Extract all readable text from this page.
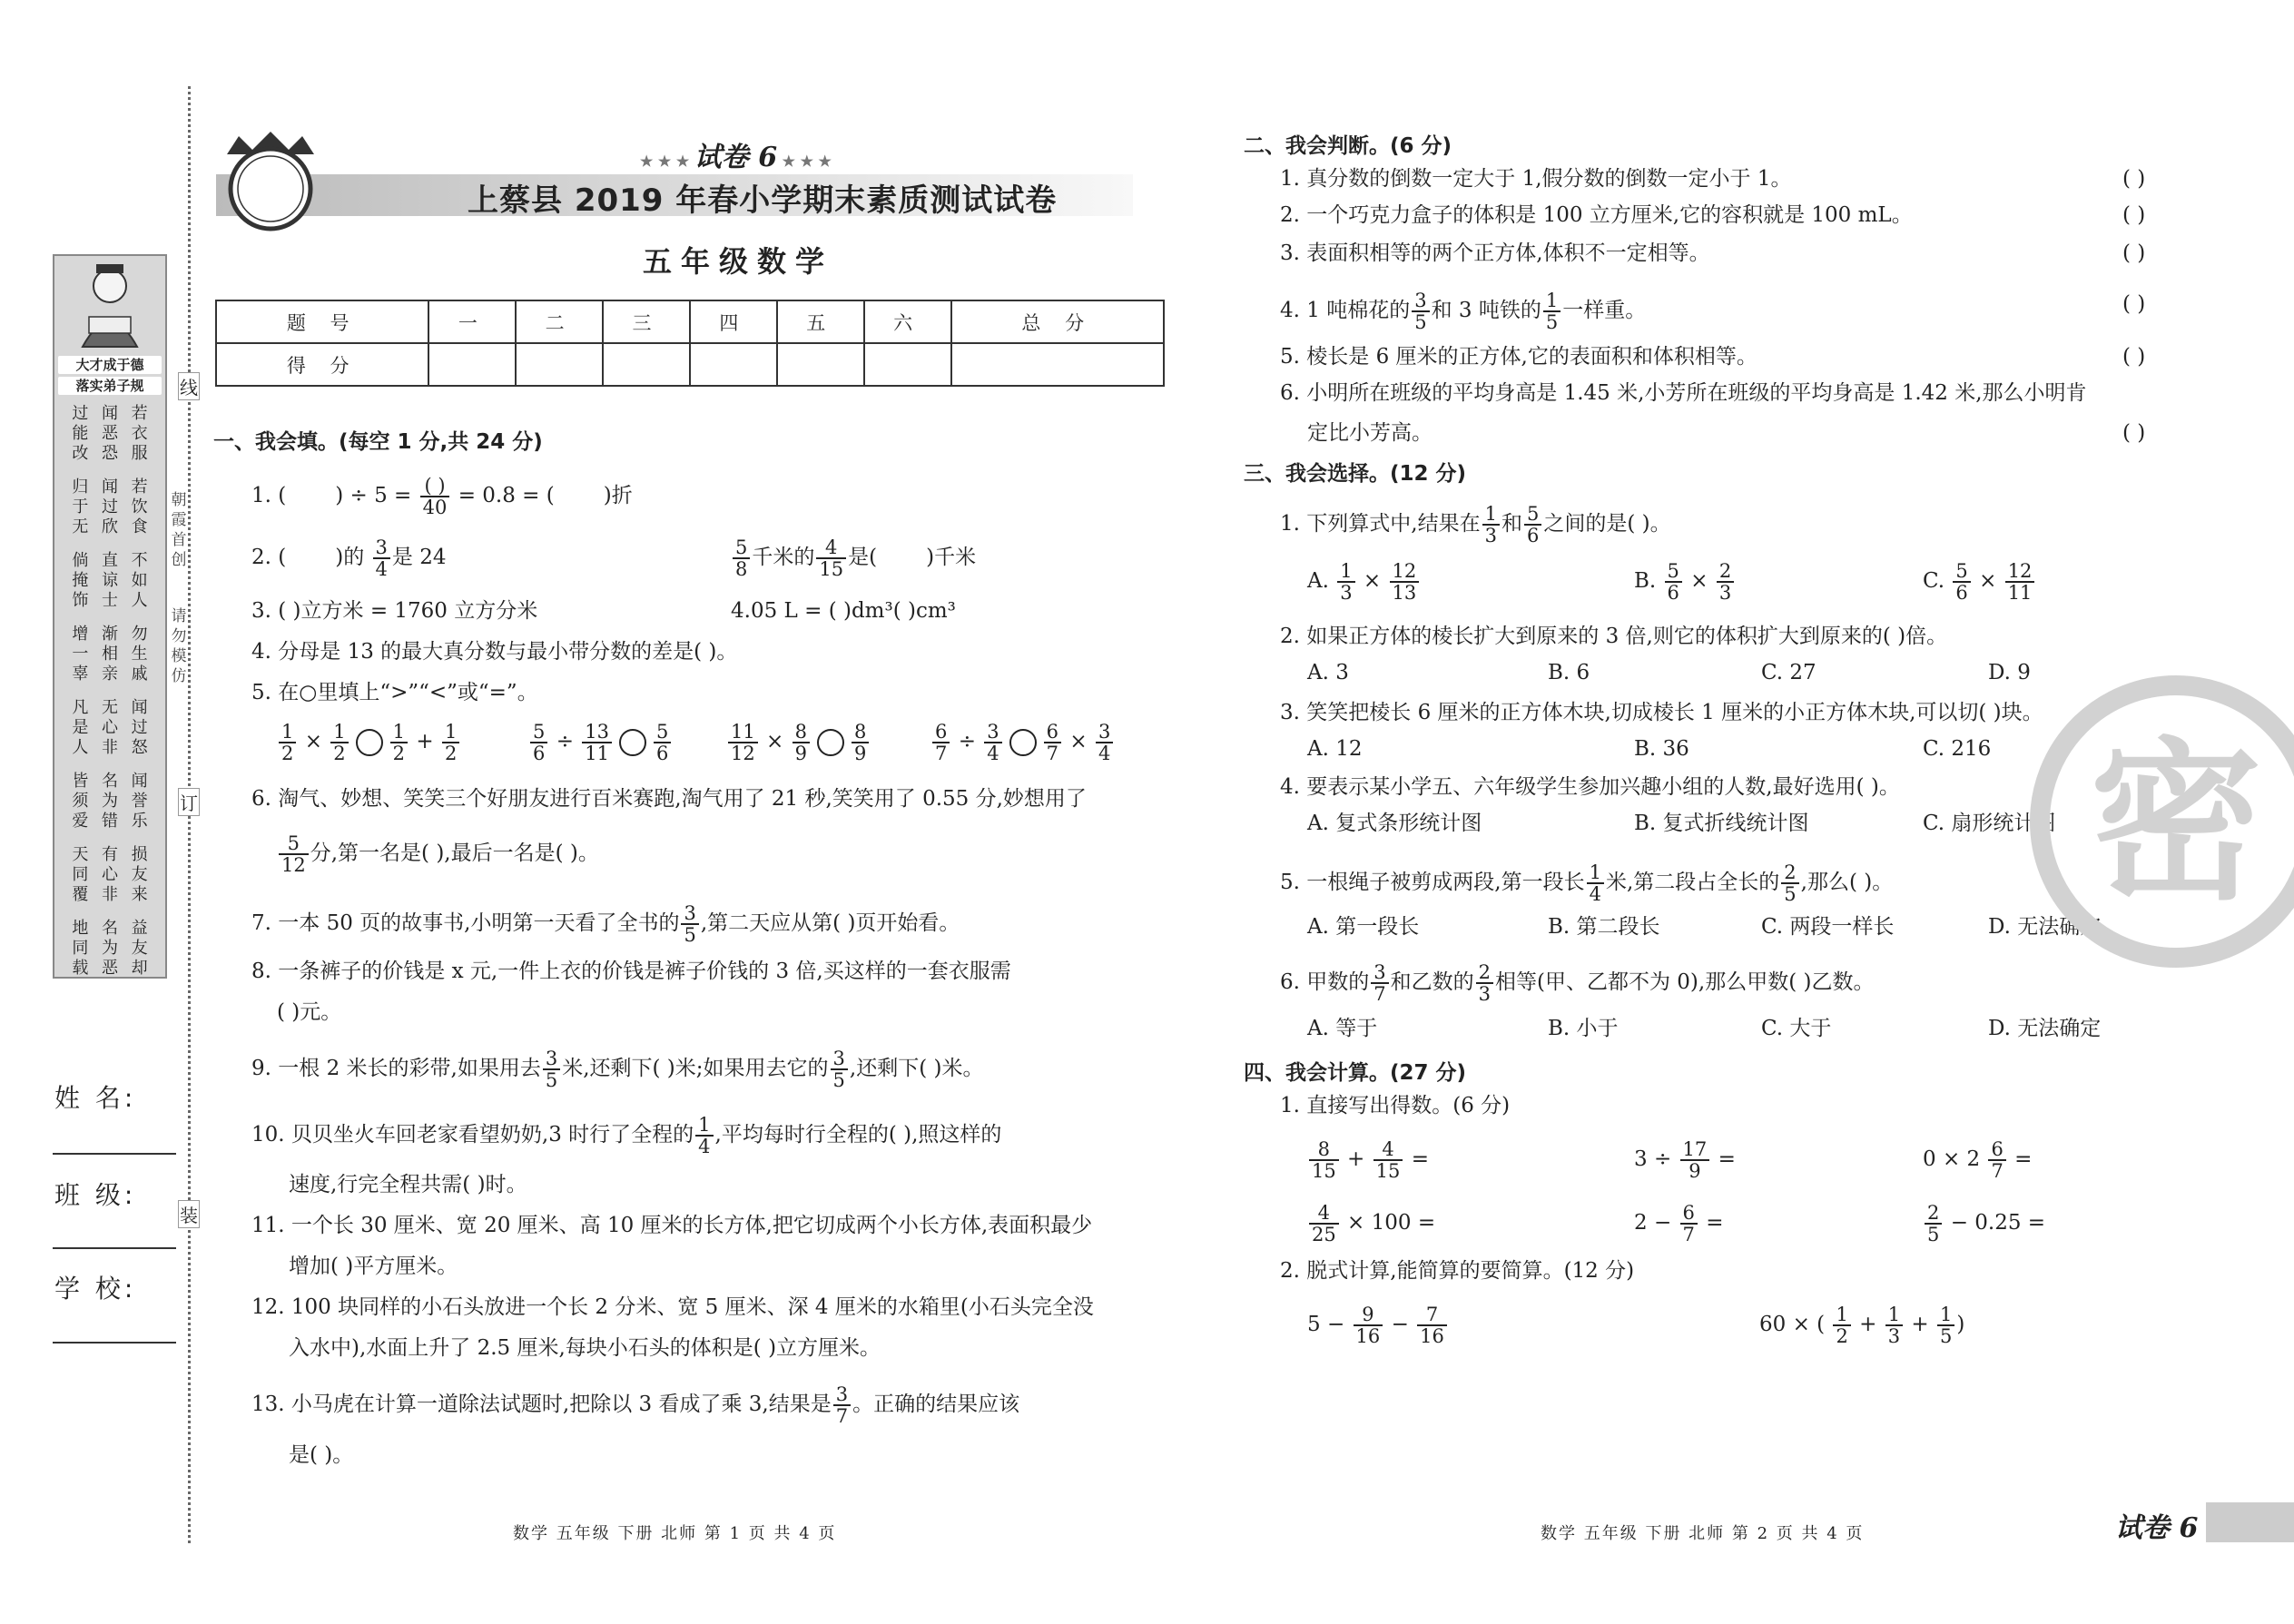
线
订
装
朝霞首创
请勿模仿
大才成于德
落实弟子规
过能改
闻恶恐
若衣服
归于无
闻过欣
若饮食
倘掩饰
直谅士
不如人
增一辜
渐相亲
勿生戚
凡是人
无心非
闻过怒
皆须爱
名为错
闻誉乐
天同覆
有心非
损友来
地同载
名为恶
益友却
姓 名:
班 级:
学 校:
★ ★ ★ 试卷 6 ★ ★ ★
上蔡县 2019 年春小学期末素质测试试卷
五年级数学
题 号	一	二	三	四	五	六	总 分
得 分							
一、我会填。(每空 1 分,共 24 分)
1. ( ) ÷ $5 = \frac{( )}{40} = 0.8$ = ( )折
2. ( )的 $\frac{3}{4}$ 是 24	$\frac{5}{8}$ 千米的 $\frac{4}{15}$ 是( )千米
3. ( )立方米 = 1760 立方分米	4.05 L = ( )dm³( )cm³
4. 分母是 13 的最大真分数与最小带分数的差是( )。
5. 在○里填上“>”“<”或“=”。
$\frac{1}{2} \times \frac{1}{2} \frac{1}{2} + \frac{1}{2}$	$\frac{5}{6} \div \frac{13}{11} \frac{5}{6}$	$\frac{11}{12} \times \frac{8}{9} \frac{8}{9}$	$\frac{6}{7} \div \frac{3}{4} \frac{6}{7} \times \frac{3}{4}$
6. 淘气、妙想、笑笑三个好朋友进行百米赛跑,淘气用了 21 秒,笑笑用了 0.55 分,妙想用了
$\frac{5}{12}$ 分,第一名是( ),最后一名是( )。
7. 一本 50 页的故事书,小明第一天看了全书的 $\frac{3}{5}$ ,第二天应从第( )页开始看。
8. 一条裤子的价钱是 x 元,一件上衣的价钱是裤子价钱的 3 倍,买这样的一套衣服需
( )元。
9. 一根 2 米长的彩带,如果用去 $\frac{3}{5}$ 米,还剩下( )米;如果用去它的 $\frac{3}{5}$ ,还剩下( )米。
10. 贝贝坐火车回老家看望奶奶,3 时行了全程的 $\frac{1}{4}$ ,平均每时行全程的( ),照这样的
速度,行完全程共需( )时。
11. 一个长 30 厘米、宽 20 厘米、高 10 厘米的长方体,把它切成两个小长方体,表面积最少
增加( )平方厘米。
12. 100 块同样的小石头放进一个长 2 分米、宽 5 厘米、深 4 厘米的水箱里(小石头完全没
入水中),水面上升了 2.5 厘米,每块小石头的体积是( )立方厘米。
13. 小马虎在计算一道除法试题时,把除以 3 看成了乘 3,结果是 $\frac{3}{7}$ 。正确的结果应该
是( )。
数学 五年级 下册 北师 第 1 页 共 4 页
二、我会判断。(6 分)
1. 真分数的倒数一定大于 1,假分数的倒数一定小于 1。	( )
2. 一个巧克力盒子的体积是 100 立方厘米,它的容积就是 100 mL。	( )
3. 表面积相等的两个正方体,体积不一定相等。	( )
4. 1 吨棉花的 $\frac{3}{5}$ 和 3 吨铁的 $\frac{1}{5}$ 一样重。	( )
5. 棱长是 6 厘米的正方体,它的表面积和体积相等。	( )
6. 小明所在班级的平均身高是 1.45 米,小芳所在班级的平均身高是 1.42 米,那么小明肯
定比小芳高。	( )
三、我会选择。(12 分)
1. 下列算式中,结果在 $\frac{1}{3}$ 和 $\frac{5}{6}$ 之间的是( )。
A. $\frac{1}{3} \times \frac{12}{13}$	B. $\frac{5}{6} \times \frac{2}{3}$	C. $\frac{5}{6} \times \frac{12}{11}$
2. 如果正方体的棱长扩大到原来的 3 倍,则它的体积扩大到原来的( )倍。
A. 3	B. 6	C. 27	D. 9
3. 笑笑把棱长 6 厘米的正方体木块,切成棱长 1 厘米的小正方体木块,可以切( )块。
A. 12	B. 36	C. 216
4. 要表示某小学五、六年级学生参加兴趣小组的人数,最好选用( )。
A. 复式条形统计图	B. 复式折线统计图	C. 扇形统计图
5. 一根绳子被剪成两段,第一段长 $\frac{1}{4}$ 米,第二段占全长的 $\frac{2}{5}$ ,那么( )。
A. 第一段长	B. 第二段长	C. 两段一样长	D. 无法确定
6. 甲数的 $\frac{3}{7}$ 和乙数的 $\frac{2}{3}$ 相等(甲、乙都不为 0),那么甲数( )乙数。
A. 等于	B. 小于	C. 大于	D. 无法确定
四、我会计算。(27 分)
1. 直接写出得数。(6 分)
$\frac{8}{15} + \frac{4}{15}$ =	$3 \div \frac{17}{9}$ =	$0 \times 2 \frac{6}{7}$ =
$\frac{4}{25} \times 100$ =	$2 - \frac{6}{7}$ =	$\frac{2}{5} - 0.25$ =
2. 脱式计算,能简算的要简算。(12 分)
$5 - \frac{9}{16} - \frac{7}{16}$	60 × ( $\frac{1}{2} + \frac{1}{3} + \frac{1}{5}$ )
密
数学 五年级 下册 北师 第 2 页 共 4 页	试卷 6
